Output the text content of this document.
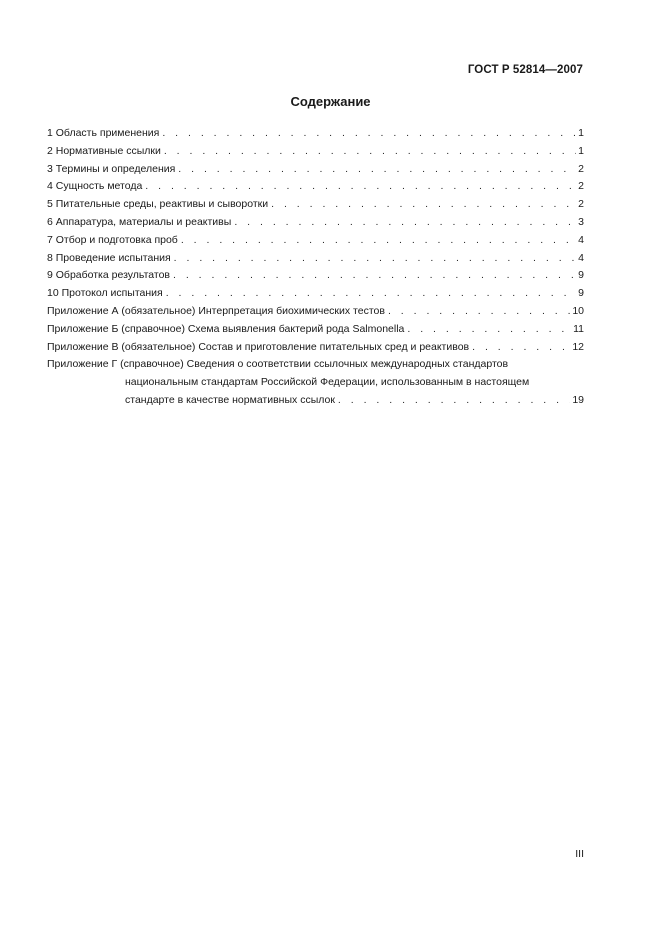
ГОСТ Р 52814—2007
Содержание
1 Область применения . . .	1
2 Нормативные ссылки . . .	1
3 Термины и определения . . .	2
4 Сущность метода . . .	2
5 Питательные среды, реактивы и сыворотки . . .	2
6 Аппаратура, материалы и реактивы . . .	3
7 Отбор и подготовка проб . . .	4
8 Проведение испытания . . .	4
9 Обработка результатов . . .	9
10 Протокол испытания . . .	9
Приложение А (обязательное) Интерпретация биохимических тестов . . .	10
Приложение Б (справочное) Схема выявления бактерий рода Salmonella . . .	11
Приложение В (обязательное) Состав и приготовление питательных сред и реактивов . . .	12
Приложение Г (справочное) Сведения о соответствии ссылочных международных стандартов
национальным стандартам Российской Федерации, использованным в настоящем
стандарте в качестве нормативных ссылок . . .	19
III
